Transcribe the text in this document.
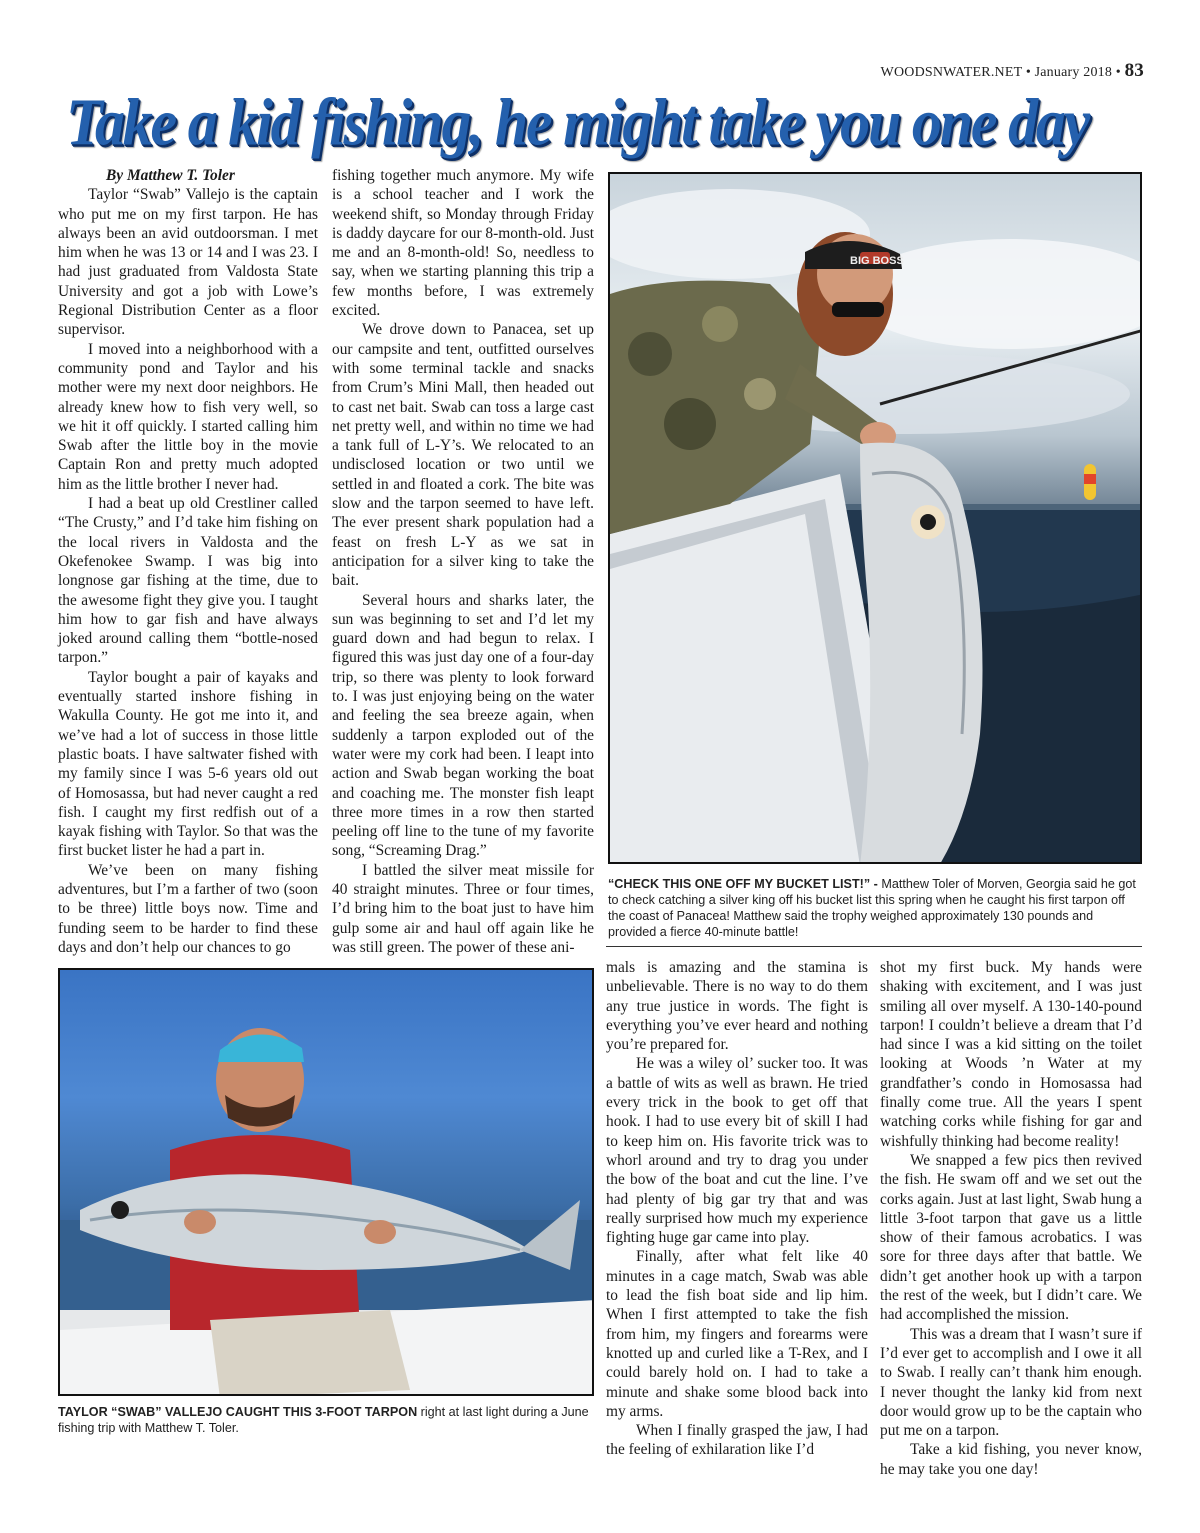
WOODSNWATER.NET • January 2018 • 83
Take a kid fishing, he might take you one day

By Matthew T. Toler

Taylor “Swab” Vallejo is the captain who put me on my first tarpon. He has always been an avid outdoorsman. I met him when he was 13 or 14 and I was 23. I had just graduated from Valdosta State University and got a job with Lowe’s Regional Distribution Center as a floor supervisor.

I moved into a neighborhood with a community pond and Taylor and his mother were my next door neighbors. He already knew how to fish very well, so we hit it off quickly. I started calling him Swab after the little boy in the movie Captain Ron and pretty much adopted him as the little brother I never had.

I had a beat up old Crestliner called “The Crusty,” and I’d take him fishing on the local rivers in Valdosta and the Okefenokee Swamp. I was big into longnose gar fishing at the time, due to the awesome fight they give you. I taught him how to gar fish and have always joked around calling them “bottle-nosed tarpon.”

Taylor bought a pair of kayaks and eventually started inshore fishing in Wakulla County. He got me into it, and we’ve had a lot of success in those little plastic boats. I have saltwater fished with my family since I was 5-6 years old out of Homosassa, but had never caught a red fish. I caught my first redfish out of a kayak fishing with Taylor. So that was the first bucket lister he had a part in.

We’ve been on many fishing adventures, but I’m a farther of two (soon to be three) little boys now. Time and funding seem to be harder to find these days and don’t help our chances to go

fishing together much anymore. My wife is a school teacher and I work the weekend shift, so Monday through Friday is daddy daycare for our 8-month-old. Just me and an 8-month-old! So, needless to say, when we starting planning this trip a few months before, I was extremely excited.

We drove down to Panacea, set up our campsite and tent, outfitted ourselves with some terminal tackle and snacks from Crum’s Mini Mall, then headed out to cast net bait. Swab can toss a large cast net pretty well, and within no time we had a tank full of L-Y’s. We relocated to an undisclosed location or two until we settled in and floated a cork. The bite was slow and the tarpon seemed to have left. The ever present shark population had a feast on fresh L-Y as we sat in anticipation for a silver king to take the bait.

Several hours and sharks later, the sun was beginning to set and I’d let my guard down and had begun to relax. I figured this was just day one of a four-day trip, so there was plenty to look forward to. I was just enjoying being on the water and feeling the sea breeze again, when suddenly a tarpon exploded out of the water were my cork had been. I leapt into action and Swab began working the boat and coaching me. The monster fish leapt three more times in a row then started peeling off line to the tune of my favorite song, “Screaming Drag.”

I battled the silver meat missile for 40 straight minutes. Three or four times, I’d bring him to the boat just to have him gulp some air and haul off again like he was still green. The power of these ani-

BIG BOSS
“CHECK THIS ONE OFF MY BUCKET LIST!” - Matthew Toler of Morven, Georgia said he got to check catching a silver king off his bucket list this spring when he caught his first tarpon off the coast of Panacea! Matthew said the trophy weighed approximately 130 pounds and provided a fierce 40-minute battle!

mals is amazing and the stamina is unbelievable. There is no way to do them any true justice in words. The fight is everything you’ve ever heard and nothing you’re prepared for.

He was a wiley ol’ sucker too. It was a battle of wits as well as brawn. He tried every trick in the book to get off that hook. I had to use every bit of skill I had to keep him on. His favorite trick was to whorl around and try to drag you under the bow of the boat and cut the line. I’ve had plenty of big gar try that and was really surprised how much my experience fighting huge gar came into play.

Finally, after what felt like 40 minutes in a cage match, Swab was able to lead the fish boat side and lip him. When I first attempted to take the fish from him, my fingers and forearms were knotted up and curled like a T-Rex, and I could barely hold on. I had to take a minute and shake some blood back into my arms.

When I finally grasped the jaw, I had the feeling of exhilaration like I’d

shot my first buck. My hands were shaking with excitement, and I was just smiling all over myself. A 130-140-pound tarpon! I couldn’t believe a dream that I’d had since I was a kid sitting on the toilet looking at Woods ’n Water at my grandfather’s condo in Homosassa had finally come true. All the years I spent watching corks while fishing for gar and wishfully thinking had become reality!

We snapped a few pics then revived the fish. He swam off and we set out the corks again. Just at last light, Swab hung a little 3-foot tarpon that gave us a little show of their famous acrobatics. I was sore for three days after that battle. We didn’t get another hook up with a tarpon the rest of the week, but I didn’t care. We had accomplished the mission.

This was a dream that I wasn’t sure if I’d ever get to accomplish and I owe it all to Swab. I really can’t thank him enough. I never thought the lanky kid from next door would grow up to be the captain who put me on a tarpon.

Take a kid fishing, you never know, he may take you one day!

TAYLOR “SWAB” VALLEJO CAUGHT THIS 3-FOOT TARPON right at last light during a June fishing trip with Matthew T. Toler.
